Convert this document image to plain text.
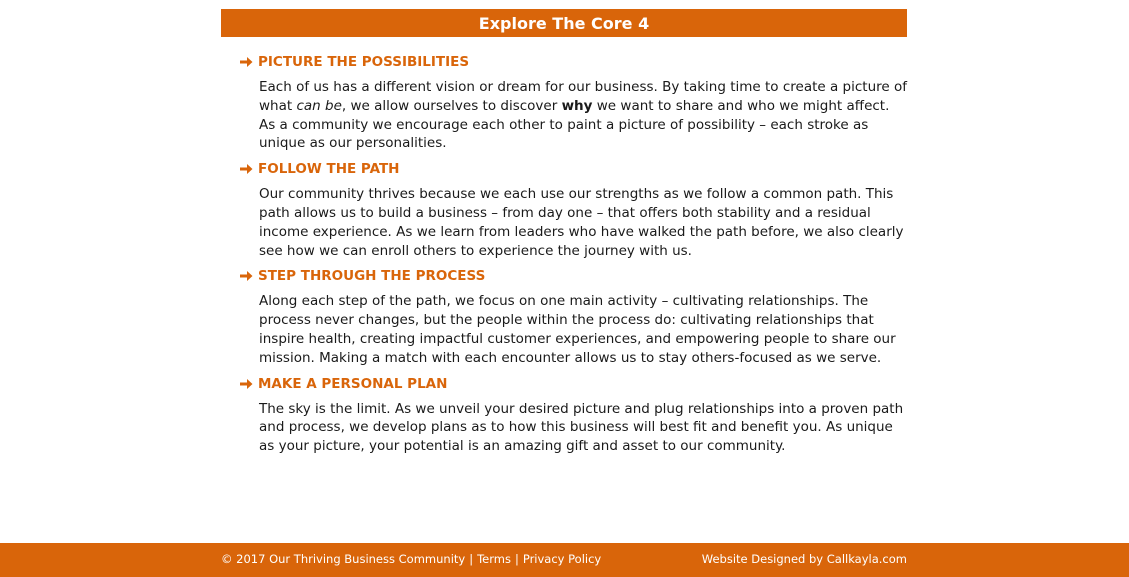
Explore The Core 4
PICTURE THE POSSIBILITIES

Each of us has a different vision or dream for our business. By taking time to create a picture of what can be, we allow ourselves to discover why we want to share and who we might affect. As a community we encourage each other to paint a picture of possibility – each stroke as unique as our personalities.

FOLLOW THE PATH

Our community thrives because we each use our strengths as we follow a common path. This path allows us to build a business – from day one – that offers both stability and a residual income experience. As we learn from leaders who have walked the path before, we also clearly see how we can enroll others to experience the journey with us.

STEP THROUGH THE PROCESS

Along each step of the path, we focus on one main activity – cultivating relationships. The process never changes, but the people within the process do: cultivating relationships that inspire health, creating impactful customer experiences, and empowering people to share our mission. Making a match with each encounter allows us to stay others-focused as we serve.

MAKE A PERSONAL PLAN

The sky is the limit. As we unveil your desired picture and plug relationships into a proven path and process, we develop plans as to how this business will best fit and benefit you. As unique as your picture, your potential is an amazing gift and asset to our community.

© 2017 Our Thriving Business Community | Terms | Privacy Policy	Website Designed by Callkayla.com
